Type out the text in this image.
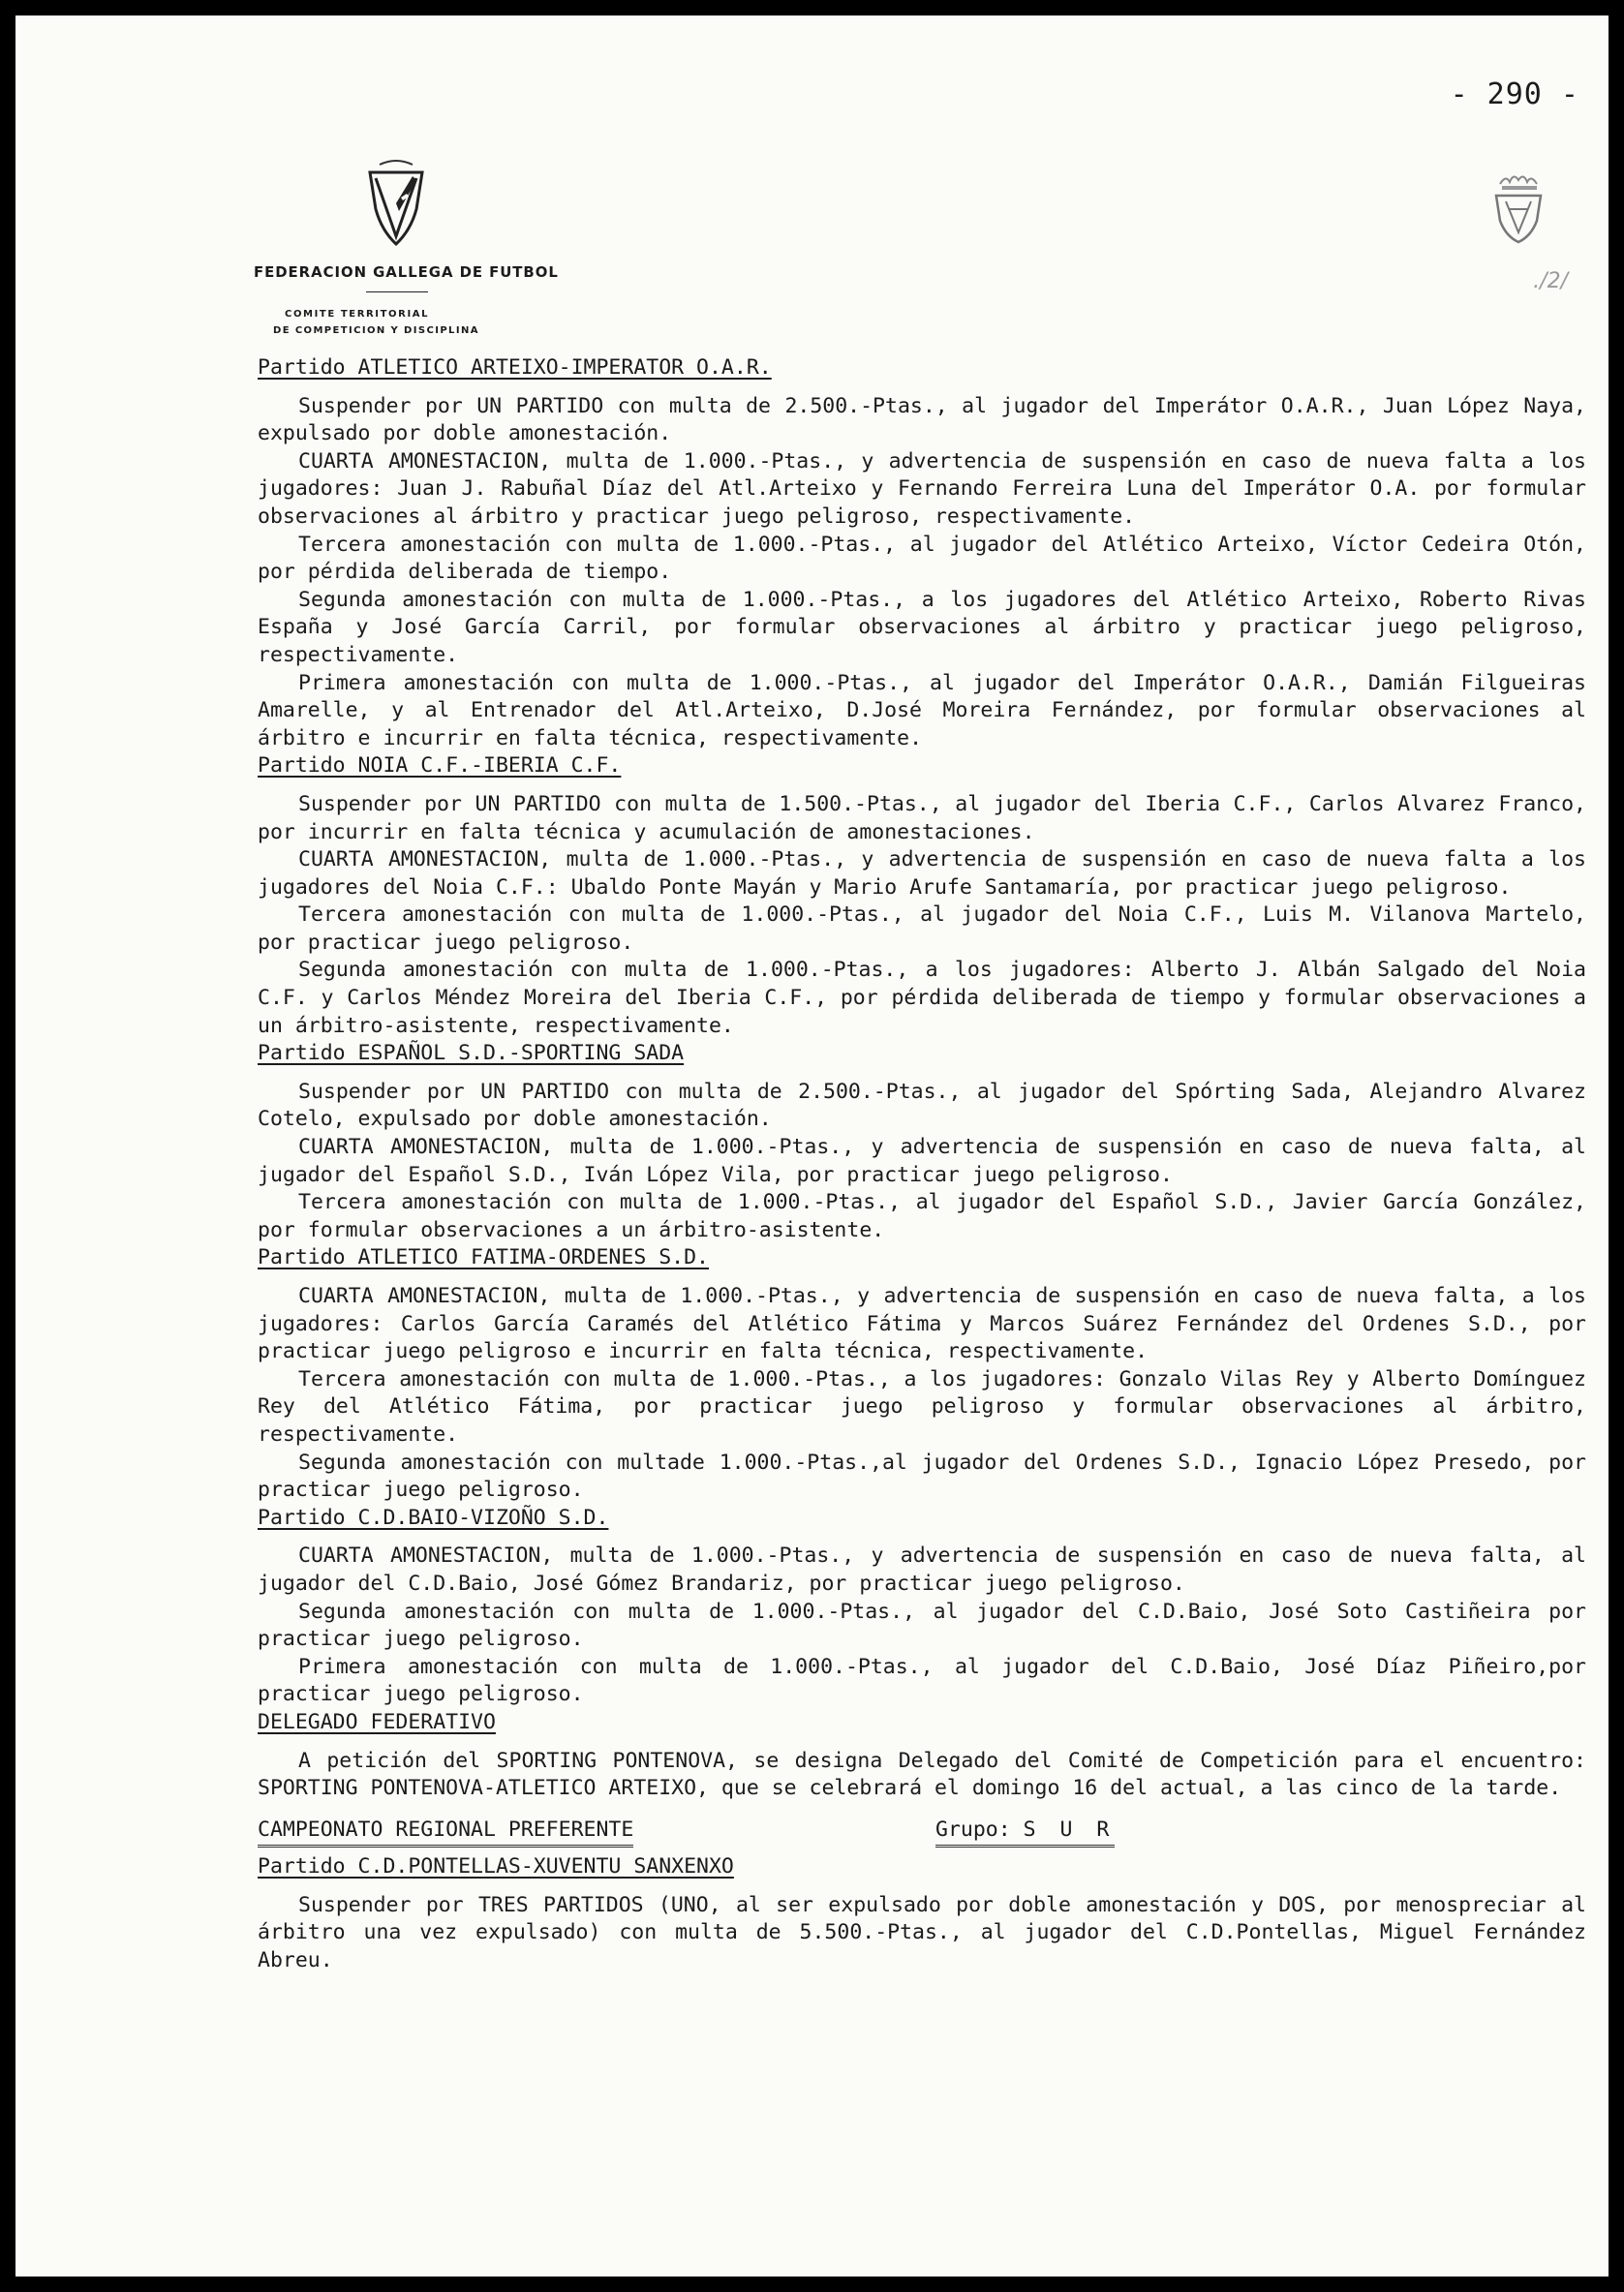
- 290 -
FEDERACION GALLEGA DE FUTBOL
COMITE TERRITORIAL
DE COMPETICION Y DISCIPLINA
./2/
Partido ATLETICO ARTEIXO-IMPERATOR O.A.R.

Suspender por UN PARTIDO con multa de 2.500.-Ptas., al jugador del Imperátor O.A.R., Juan López Naya, expulsado por doble amonestación.

CUARTA AMONESTACION, multa de 1.000.-Ptas., y advertencia de suspensión en caso de nueva falta a los jugadores: Juan J. Rabuñal Díaz del Atl.Arteixo y Fernando Ferreira Luna del Imperátor O.A. por formular observaciones al árbitro y practicar juego peligroso, respectivamente.

Tercera amonestación con multa de 1.000.-Ptas., al jugador del Atlético Arteixo, Víctor Cedeira Otón, por pérdida deliberada de tiempo.

Segunda amonestación con multa de 1.000.-Ptas., a los jugadores del Atlético Arteixo, Roberto Rivas España y José García Carril, por formular observaciones al árbitro y practicar juego peligroso, respectivamente.

Primera amonestación con multa de 1.000.-Ptas., al jugador del Imperátor O.A.R., Damián Filgueiras Amarelle, y al Entrenador del Atl.Arteixo, D.José Moreira Fernández, por formular observaciones al árbitro e incurrir en falta técnica, respectivamente.

Partido NOIA C.F.-IBERIA C.F.

Suspender por UN PARTIDO con multa de 1.500.-Ptas., al jugador del Iberia C.F., Carlos Alvarez Franco, por incurrir en falta técnica y acumulación de amonestaciones.

CUARTA AMONESTACION, multa de 1.000.-Ptas., y advertencia de suspensión en caso de nueva falta a los jugadores del Noia C.F.: Ubaldo Ponte Mayán y Mario Arufe Santamaría, por practicar juego peligroso.

Tercera amonestación con multa de 1.000.-Ptas., al jugador del Noia C.F., Luis M. Vilanova Martelo, por practicar juego peligroso.

Segunda amonestación con multa de 1.000.-Ptas., a los jugadores: Alberto J. Albán Salgado del Noia C.F. y Carlos Méndez Moreira del Iberia C.F., por pérdida deliberada de tiempo y formular observaciones a un árbitro-asistente, respectivamente.

Partido ESPAÑOL S.D.-SPORTING SADA

Suspender por UN PARTIDO con multa de 2.500.-Ptas., al jugador del Spórting Sada, Alejandro Alvarez Cotelo, expulsado por doble amonestación.

CUARTA AMONESTACION, multa de 1.000.-Ptas., y advertencia de suspensión en caso de nueva falta, al jugador del Español S.D., Iván López Vila, por practicar juego peligroso.

Tercera amonestación con multa de 1.000.-Ptas., al jugador del Español S.D., Javier García González, por formular observaciones a un árbitro-asistente.

Partido ATLETICO FATIMA-ORDENES S.D.

CUARTA AMONESTACION, multa de 1.000.-Ptas., y advertencia de suspensión en caso de nueva falta, a los jugadores: Carlos García Caramés del Atlético Fátima y Marcos Suárez Fernández del Ordenes S.D., por practicar juego peligroso e incurrir en falta técnica, respectivamente.

Tercera amonestación con multa de 1.000.-Ptas., a los jugadores: Gonzalo Vilas Rey y Alberto Domínguez Rey del Atlético Fátima, por practicar juego peligroso y formular observaciones al árbitro, respectivamente.

Segunda amonestación con multade 1.000.-Ptas.,al jugador del Ordenes S.D., Ignacio López Presedo, por practicar juego peligroso.

Partido C.D.BAIO-VIZOÑO S.D.

CUARTA AMONESTACION, multa de 1.000.-Ptas., y advertencia de suspensión en caso de nueva falta, al jugador del C.D.Baio, José Gómez Brandariz, por practicar juego peligroso.

Segunda amonestación con multa de 1.000.-Ptas., al jugador del C.D.Baio, José Soto Castiñeira por practicar juego peligroso.

Primera amonestación con multa de 1.000.-Ptas., al jugador del C.D.Baio, José Díaz Piñeiro,por practicar juego peligroso.

DELEGADO FEDERATIVO

A petición del SPORTING PONTENOVA, se designa Delegado del Comité de Competición para el encuentro: SPORTING PONTENOVA-ATLETICO ARTEIXO, que se celebrará el domingo 16 del actual, a las cinco de la tarde.

CAMPEONATO REGIONAL PREFERENTE	Grupo: S U R
Partido C.D.PONTELLAS-XUVENTU SANXENXO

Suspender por TRES PARTIDOS (UNO, al ser expulsado por doble amonestación y DOS, por menospreciar al árbitro una vez expulsado) con multa de 5.500.-Ptas., al jugador del C.D.Pontellas, Miguel Fernández Abreu.
